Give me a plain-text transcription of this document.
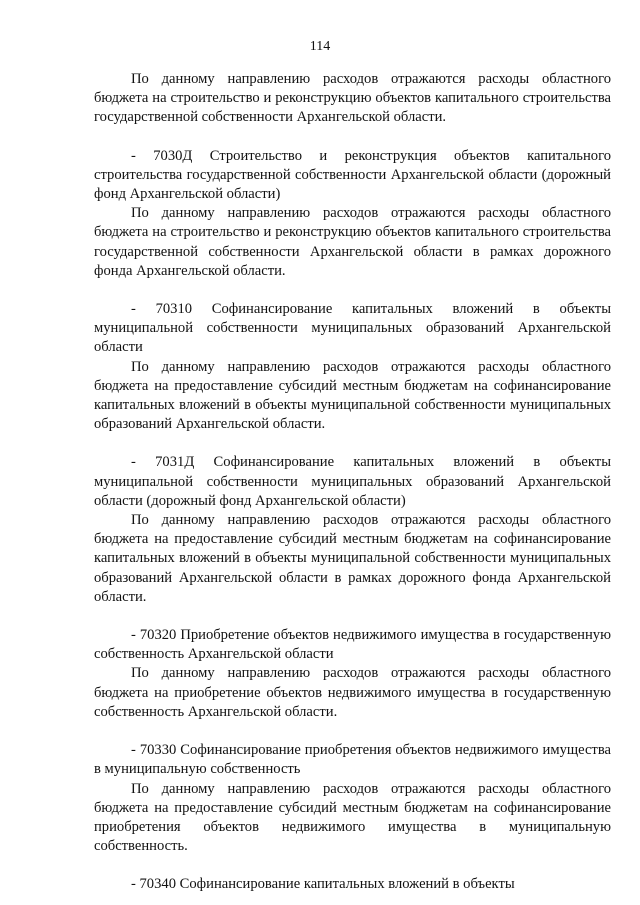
114

По данному направлению расходов отражаются расходы областного бюджета на строительство и реконструкцию объектов капитального строительства государственной собственности Архангельской области.

- 7030Д Строительство и реконструкция объектов капитального строительства государственной собственности Архангельской области (дорожный фонд Архангельской области)

По данному направлению расходов отражаются расходы областного бюджета на строительство и реконструкцию объектов капитального строительства государственной собственности Архангельской области в рамках дорожного фонда Архангельской области.

- 70310 Софинансирование капитальных вложений в объекты муниципальной собственности муниципальных образований Архангельской области

По данному направлению расходов отражаются расходы областного бюджета на предоставление субсидий местным бюджетам на софинансирование капитальных вложений в объекты муниципальной собственности муниципальных образований Архангельской области.

- 7031Д Софинансирование капитальных вложений в объекты муниципальной собственности муниципальных образований Архангельской области (дорожный фонд Архангельской области)

По данному направлению расходов отражаются расходы областного бюджета на предоставление субсидий местным бюджетам на софинансирование капитальных вложений в объекты муниципальной собственности муниципальных образований Архангельской области в рамках дорожного фонда Архангельской области.

- 70320 Приобретение объектов недвижимого имущества в государственную собственность Архангельской области

По данному направлению расходов отражаются расходы областного бюджета на приобретение объектов недвижимого имущества в государственную собственность Архангельской области.

- 70330 Софинансирование приобретения объектов недвижимого имущества в муниципальную собственность

По данному направлению расходов отражаются расходы областного бюджета на предоставление субсидий местным бюджетам на софинансирование приобретения объектов недвижимого имущества в муниципальную собственность.

- 70340 Софинансирование капитальных вложений в объекты
